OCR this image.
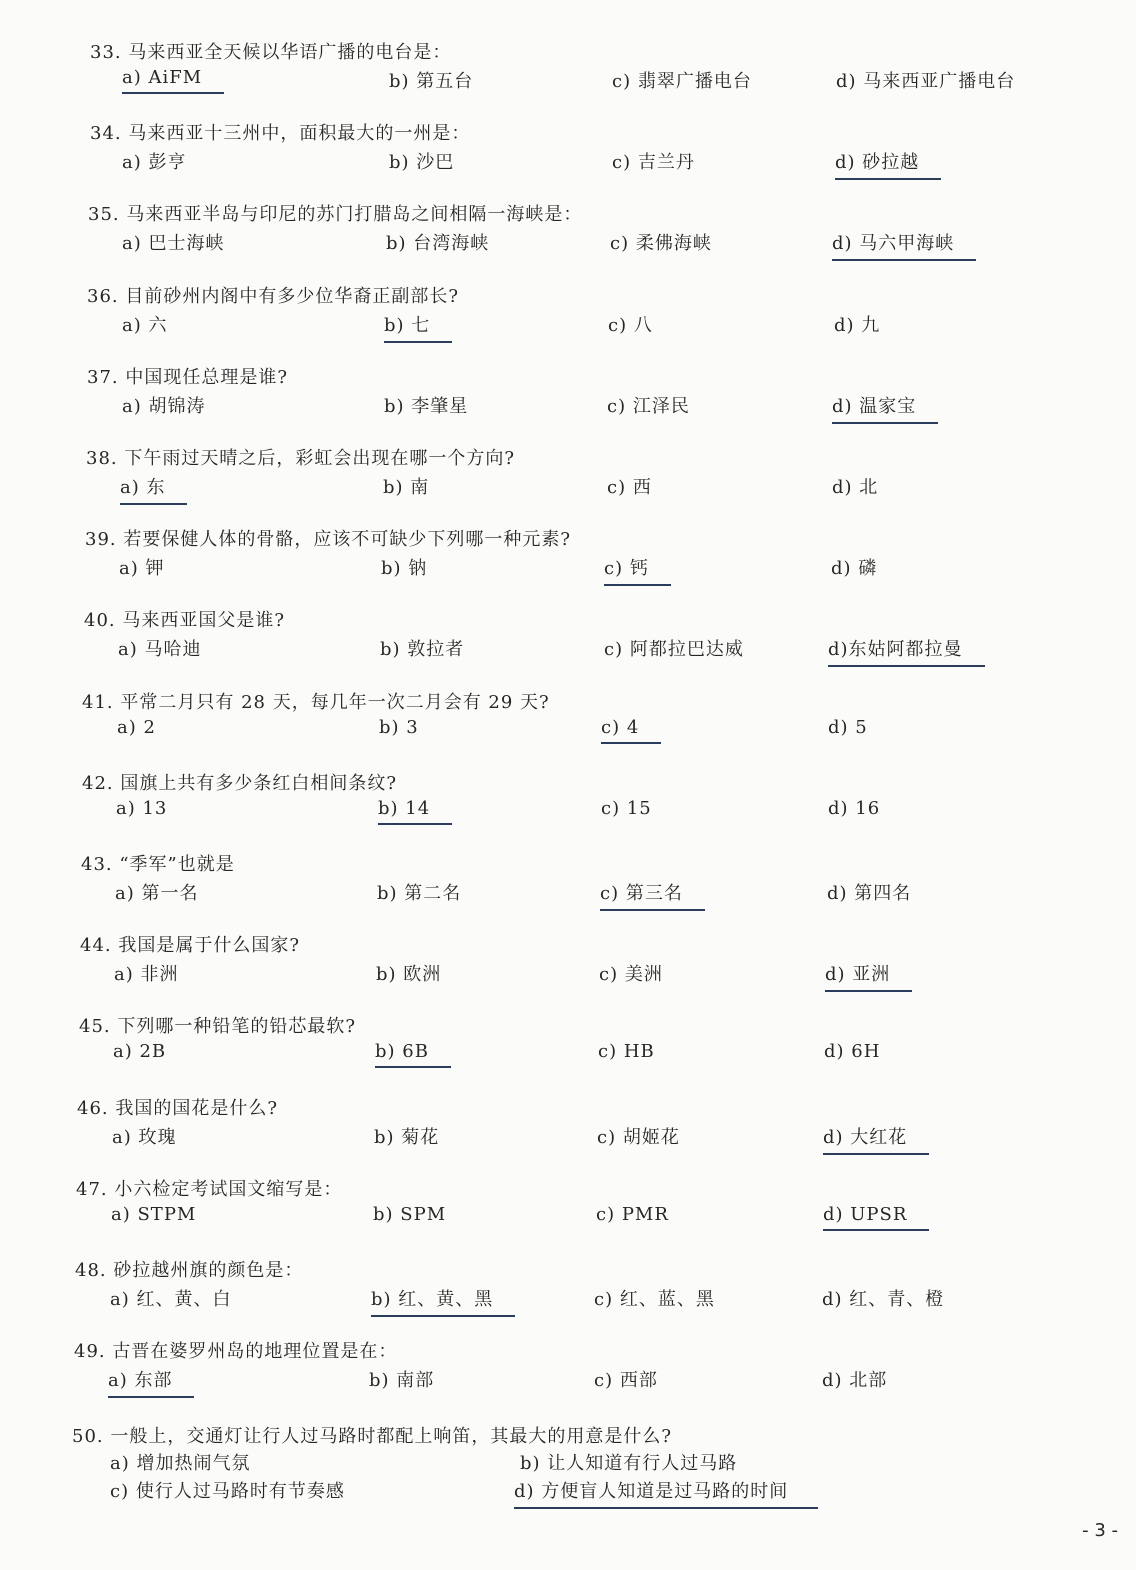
33. 马来西亚全天候以华语广播的电台是：
a) AiFM	b) 第五台	c) 翡翠广播电台	d) 马来西亚广播电台
34. 马来西亚十三州中，面积最大的一州是：
a) 彭亨	b) 沙巴	c) 吉兰丹	d) 砂拉越
35. 马来西亚半岛与印尼的苏门打腊岛之间相隔一海峡是：
a) 巴士海峡	b) 台湾海峡	c) 柔佛海峡	d) 马六甲海峡
36. 目前砂州内阁中有多少位华裔正副部长?
a) 六	b) 七	c) 八	d) 九
37. 中国现任总理是谁?
a) 胡锦涛	b) 李肇星	c) 江泽民	d) 温家宝
38. 下午雨过天晴之后，彩虹会出现在哪一个方向?
a) 东	b) 南	c) 西	d) 北
39. 若要保健人体的骨骼，应该不可缺少下列哪一种元素?
a) 钾	b) 钠	c) 钙	d) 磷
40. 马来西亚国父是谁?
a) 马哈迪	b) 敦拉者	c) 阿都拉巴达威	d)东姑阿都拉曼
41. 平常二月只有 28 天，每几年一次二月会有 29 天?
a) 2	b) 3	c) 4	d) 5
42. 国旗上共有多少条红白相间条纹?
a) 13	b) 14	c) 15	d) 16
43. “季军”也就是
a) 第一名	b) 第二名	c) 第三名	d) 第四名
44. 我国是属于什么国家?
a) 非洲	b) 欧洲	c) 美洲	d) 亚洲
45. 下列哪一种铅笔的铅芯最软?
a) 2B	b) 6B	c) HB	d) 6H
46. 我国的国花是什么?
a) 玫瑰	b) 菊花	c) 胡姬花	d) 大红花
47. 小六检定考试国文缩写是：
a) STPM	b) SPM	c) PMR	d) UPSR
48. 砂拉越州旗的颜色是：
a) 红、黄、白	b) 红、黄、黑	c) 红、蓝、黑	d) 红、青、橙
49. 古晋在婆罗州岛的地理位置是在：
a) 东部	b) 南部	c) 西部	d) 北部
50. 一般上，交通灯让行人过马路时都配上响笛，其最大的用意是什么?
a) 增加热闹气氛	b) 让人知道有行人过马路
c) 使行人过马路时有节奏感	d) 方便盲人知道是过马路的时间
- 3 -
